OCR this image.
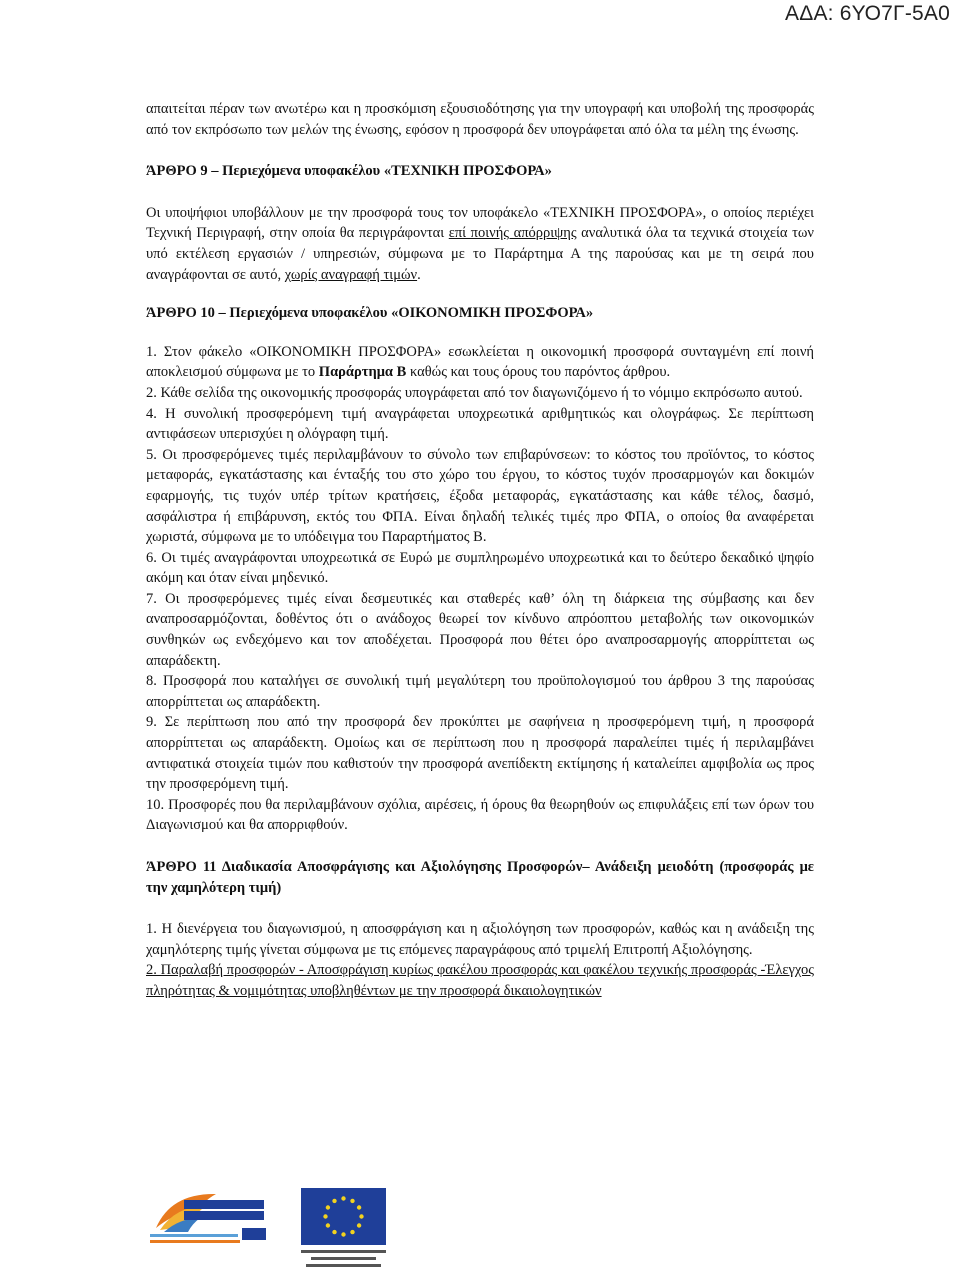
ΑΔΑ: 6ΥΟ7Γ-5Α0

απαιτείται πέραν των ανωτέρω και η προσκόμιση εξουσιοδότησης για την υπογραφή και υποβολή της προσφοράς από τον εκπρόσωπο των μελών της ένωσης, εφόσον η προσφορά δεν υπογράφεται από όλα τα μέλη της ένωσης.

ΆΡΘΡΟ 9 – Περιεχόμενα υποφακέλου «ΤΕΧΝΙΚΗ ΠΡΟΣΦΟΡΑ»

Οι υποψήφιοι υποβάλλουν με την προσφορά τους τον υποφάκελο «ΤΕΧΝΙΚΗ ΠΡΟΣΦΟΡΑ», ο οποίος περιέχει Τεχνική Περιγραφή, στην οποία θα περιγράφονται επί ποινής απόρριψης αναλυτικά όλα τα τεχνικά στοιχεία των υπό εκτέλεση εργασιών / υπηρεσιών, σύμφωνα με το Παράρτημα Α της παρούσας και με τη σειρά που αναγράφονται σε αυτό, χωρίς αναγραφή τιμών.

ΆΡΘΡΟ 10 – Περιεχόμενα υποφακέλου «ΟΙΚΟΝΟΜΙΚΗ ΠΡΟΣΦΟΡΑ»

1. Στον φάκελο «ΟΙΚΟΝΟΜΙΚΗ ΠΡΟΣΦΟΡΑ» εσωκλείεται η οικονομική προσφορά συνταγμένη επί ποινή αποκλεισμού σύμφωνα με το Παράρτημα Β καθώς και τους όρους του παρόντος άρθρου.

2. Κάθε σελίδα της οικονομικής προσφοράς υπογράφεται από τον διαγωνιζόμενο ή το νόμιμο εκπρόσωπο αυτού.

4. Η συνολική προσφερόμενη τιμή αναγράφεται υποχρεωτικά αριθμητικώς και ολογράφως. Σε περίπτωση αντιφάσεων υπερισχύει η ολόγραφη τιμή.

5. Οι προσφερόμενες τιμές περιλαμβάνουν το σύνολο των επιβαρύνσεων: το κόστος του προϊόντος, το κόστος μεταφοράς, εγκατάστασης και ένταξής του στο χώρο του έργου, το κόστος τυχόν προσαρμογών και δοκιμών εφαρμογής, τις τυχόν υπέρ τρίτων κρατήσεις, έξοδα μεταφοράς, εγκατάστασης και κάθε τέλος, δασμό, ασφάλιστρα ή επιβάρυνση, εκτός του ΦΠΑ. Είναι δηλαδή τελικές τιμές προ ΦΠΑ, ο οποίος θα αναφέρεται χωριστά, σύμφωνα με το υπόδειγμα του Παραρτήματος Β.

6. Οι τιμές αναγράφονται υποχρεωτικά σε Ευρώ με συμπληρωμένο υποχρεωτικά και το δεύτερο δεκαδικό ψηφίο ακόμη και όταν είναι μηδενικό.

7. Οι προσφερόμενες τιμές είναι δεσμευτικές και σταθερές καθ’ όλη τη διάρκεια της σύμβασης και δεν αναπροσαρμόζονται, δοθέντος ότι ο ανάδοχος θεωρεί τον κίνδυνο απρόοπτου μεταβολής των οικονομικών συνθηκών ως ενδεχόμενο και τον αποδέχεται. Προσφορά που θέτει όρο αναπροσαρμογής απορρίπτεται ως απαράδεκτη.

8. Προσφορά που καταλήγει σε συνολική τιμή μεγαλύτερη του προϋπολογισμού του άρθρου 3 της παρούσας απορρίπτεται ως απαράδεκτη.

9. Σε περίπτωση που από την προσφορά δεν προκύπτει με σαφήνεια η προσφερόμενη τιμή, η προσφορά απορρίπτεται ως απαράδεκτη. Ομοίως και σε περίπτωση που η προσφορά παραλείπει τιμές ή περιλαμβάνει αντιφατικά στοιχεία τιμών που καθιστούν την προσφορά ανεπίδεκτη εκτίμησης ή καταλείπει αμφιβολία ως προς την προσφερόμενη τιμή.

10. Προσφορές που θα περιλαμβάνουν σχόλια, αιρέσεις, ή όρους θα θεωρηθούν ως επιφυλάξεις επί των όρων του Διαγωνισμού και θα απορριφθούν.

ΆΡΘΡΟ 11 Διαδικασία Αποσφράγισης και Αξιολόγησης Προσφορών– Ανάδειξη μειοδότη (προσφοράς με την χαμηλότερη τιμή)

1. Η διενέργεια του διαγωνισμού, η αποσφράγιση και η αξιολόγηση των προσφορών, καθώς και η ανάδειξη της χαμηλότερης τιμής γίνεται σύμφωνα με τις επόμενες παραγράφους από τριμελή Επιτροπή Αξιολόγησης.

2. Παραλαβή προσφορών - Αποσφράγιση κυρίως φακέλου προσφοράς και φακέλου τεχνικής προσφοράς -Έλεγχος πληρότητας & νομιμότητας υποβληθέντων με την προσφορά δικαιολογητικών
